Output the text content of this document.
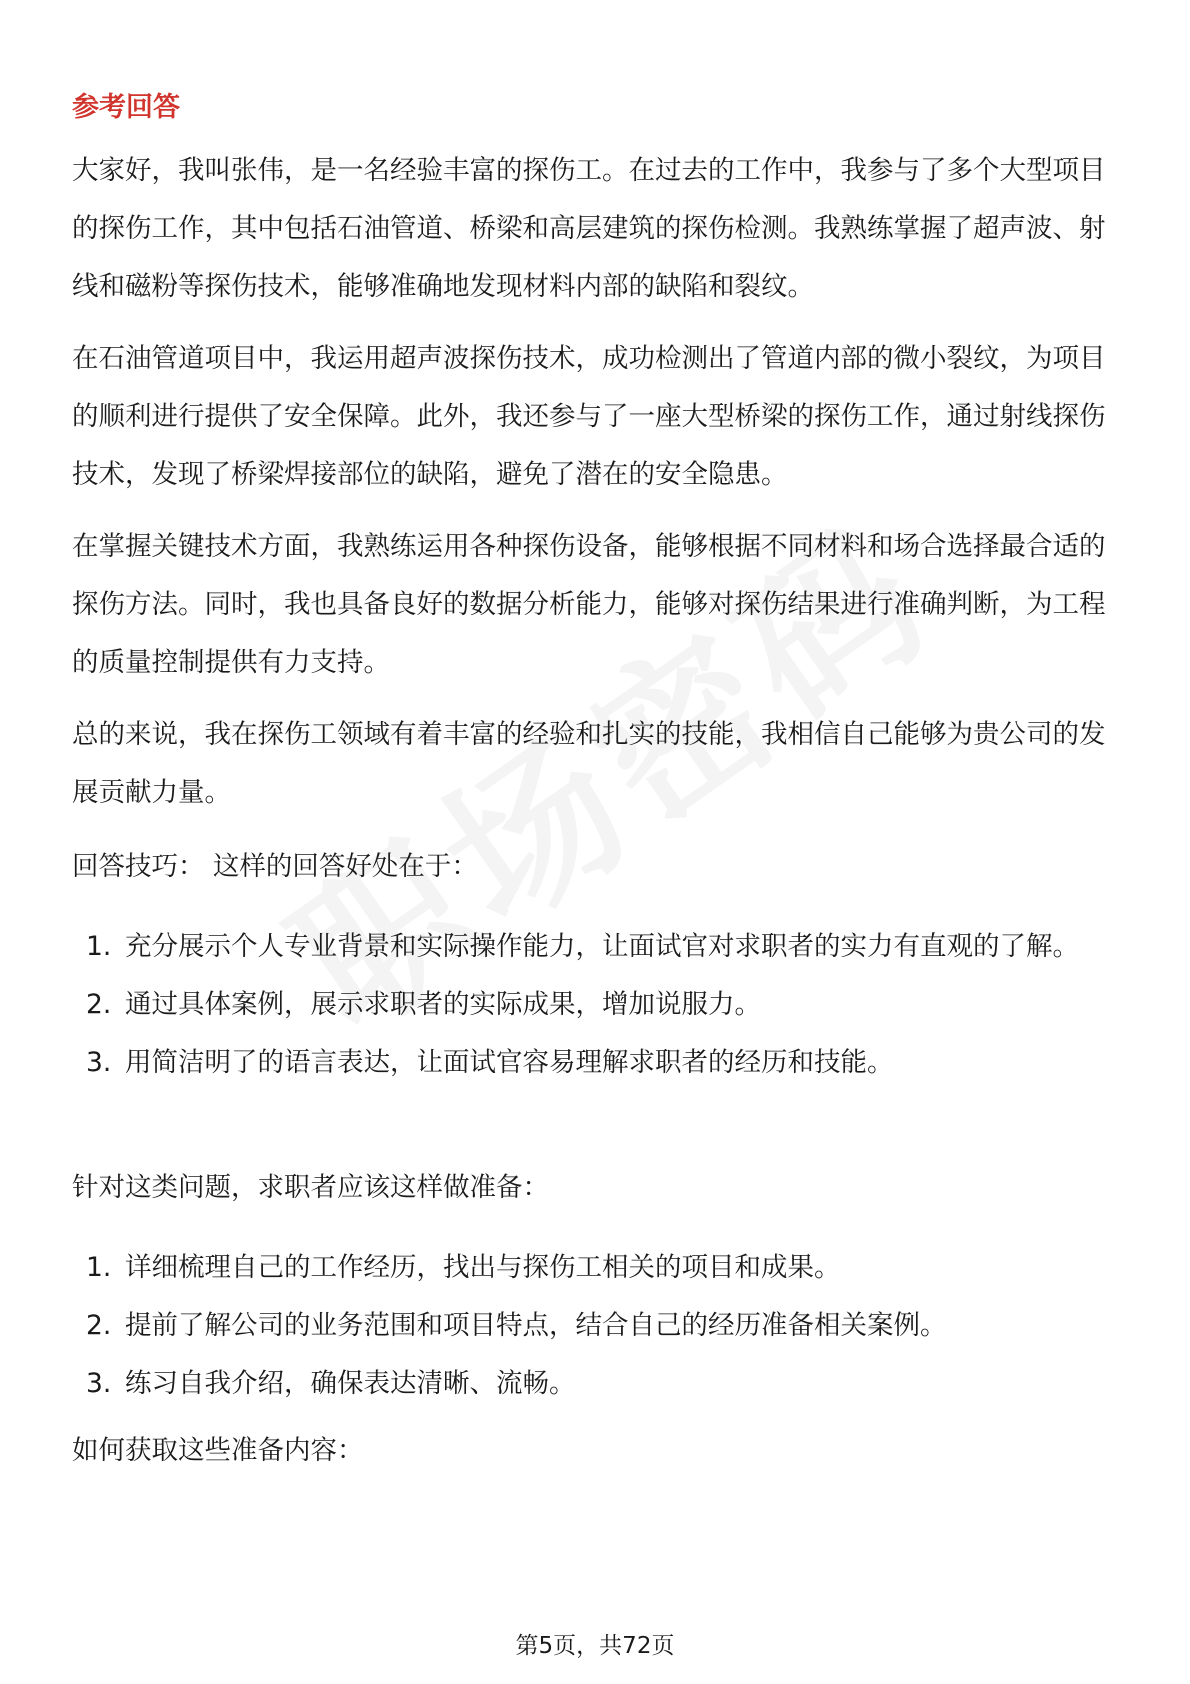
参考回答

大家好，我叫张伟，是一名经验丰富的探伤工。在过去的工作中，我参与了多个大型项目的探伤工作，其中包括石油管道、桥梁和高层建筑的探伤检测。我熟练掌握了超声波、射线和磁粉等探伤技术，能够准确地发现材料内部的缺陷和裂纹。

在石油管道项目中，我运用超声波探伤技术，成功检测出了管道内部的微小裂纹，为项目的顺利进行提供了安全保障。此外，我还参与了一座大型桥梁的探伤工作，通过射线探伤技术，发现了桥梁焊接部位的缺陷，避免了潜在的安全隐患。

在掌握关键技术方面，我熟练运用各种探伤设备，能够根据不同材料和场合选择最合适的探伤方法。同时，我也具备良好的数据分析能力，能够对探伤结果进行准确判断，为工程的质量控制提供有力支持。

总的来说，我在探伤工领域有着丰富的经验和扎实的技能，我相信自己能够为贵公司的发展贡献力量。

回答技巧： 这样的回答好处在于：

1. 充分展示个人专业背景和实际操作能力，让面试官对求职者的实力有直观的了解。
2. 通过具体案例，展示求职者的实际成果，增加说服力。
3. 用简洁明了的语言表达，让面试官容易理解求职者的经历和技能。

针对这类问题，求职者应该这样做准备：

1. 详细梳理自己的工作经历，找出与探伤工相关的项目和成果。
2. 提前了解公司的业务范围和项目特点，结合自己的经历准备相关案例。
3. 练习自我介绍，确保表达清晰、流畅。

如何获取这些准备内容：

第5页，共72页
